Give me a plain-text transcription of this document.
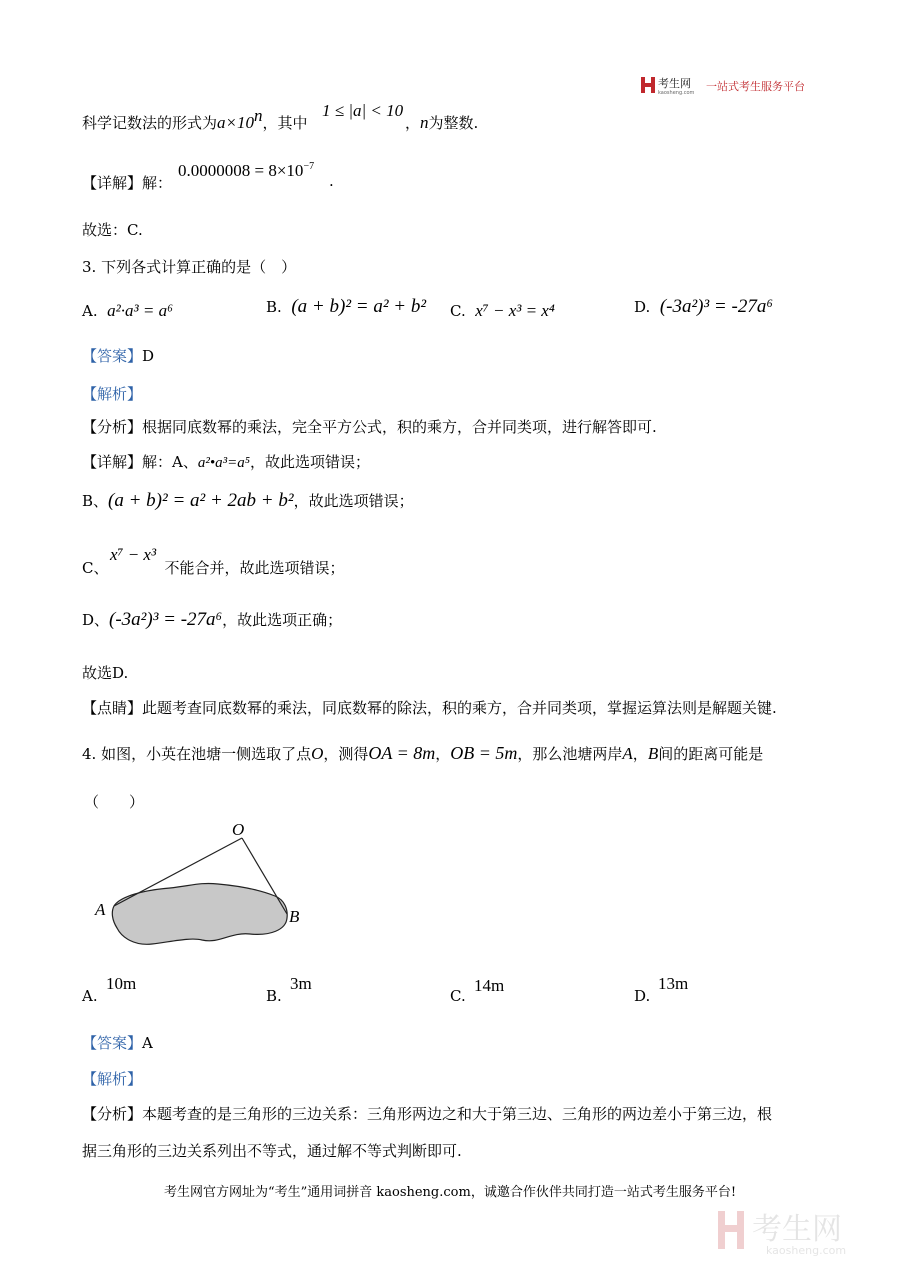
考生网
kaosheng.com 一站式考生服务平台
科学记数法的形式为$a\times 10^n$，其中
1 ≤ |a| < 10
，n为整数.
【详解】解：
$0.0000008 = 8\times 10^{-7}$
.
故选：C.
3. 下列各式计算正确的是（　）
A. a²·a³ = a⁶	B. (a + b)² = a² + b² C. x⁷ − x³ = x⁴	D. (-3a²)³ = -27a⁶
【答案】D
【解析】
【分析】根据同底数幂的乘法，完全平方公式，积的乘方，合并同类项，进行解答即可.
【详解】解：A、a²•a³=a⁵，故此选项错误；
B、(a + b)² = a² + 2ab + b²，故此选项错误；
x⁷ − x³
C、	不能合并，故此选项错误；
D、(-3a²)³ = -27a⁶，故此选项正确；
故选D.
【点睛】此题考查同底数幂的乘法，同底数幂的除法，积的乘方，合并同类项，掌握运算法则是解题关键.
4. 如图，小英在池塘一侧选取了点O，测得OA = 8m，OB = 5m，那么池塘两岸A，B间的距离可能是
（　　）
O
A	B
A.
10m
B.
3m
C.
14m
D.
13m
【答案】A
【解析】
【分析】本题考查的是三角形的三边关系：三角形两边之和大于第三边、三角形的两边差小于第三边，根
据三角形的三边关系列出不等式，通过解不等式判断即可.
考生网官方网址为“考生”通用词拼音 kaosheng.com，诚邀合作伙伴共同打造一站式考生服务平台!
考生网
kaosheng.com
